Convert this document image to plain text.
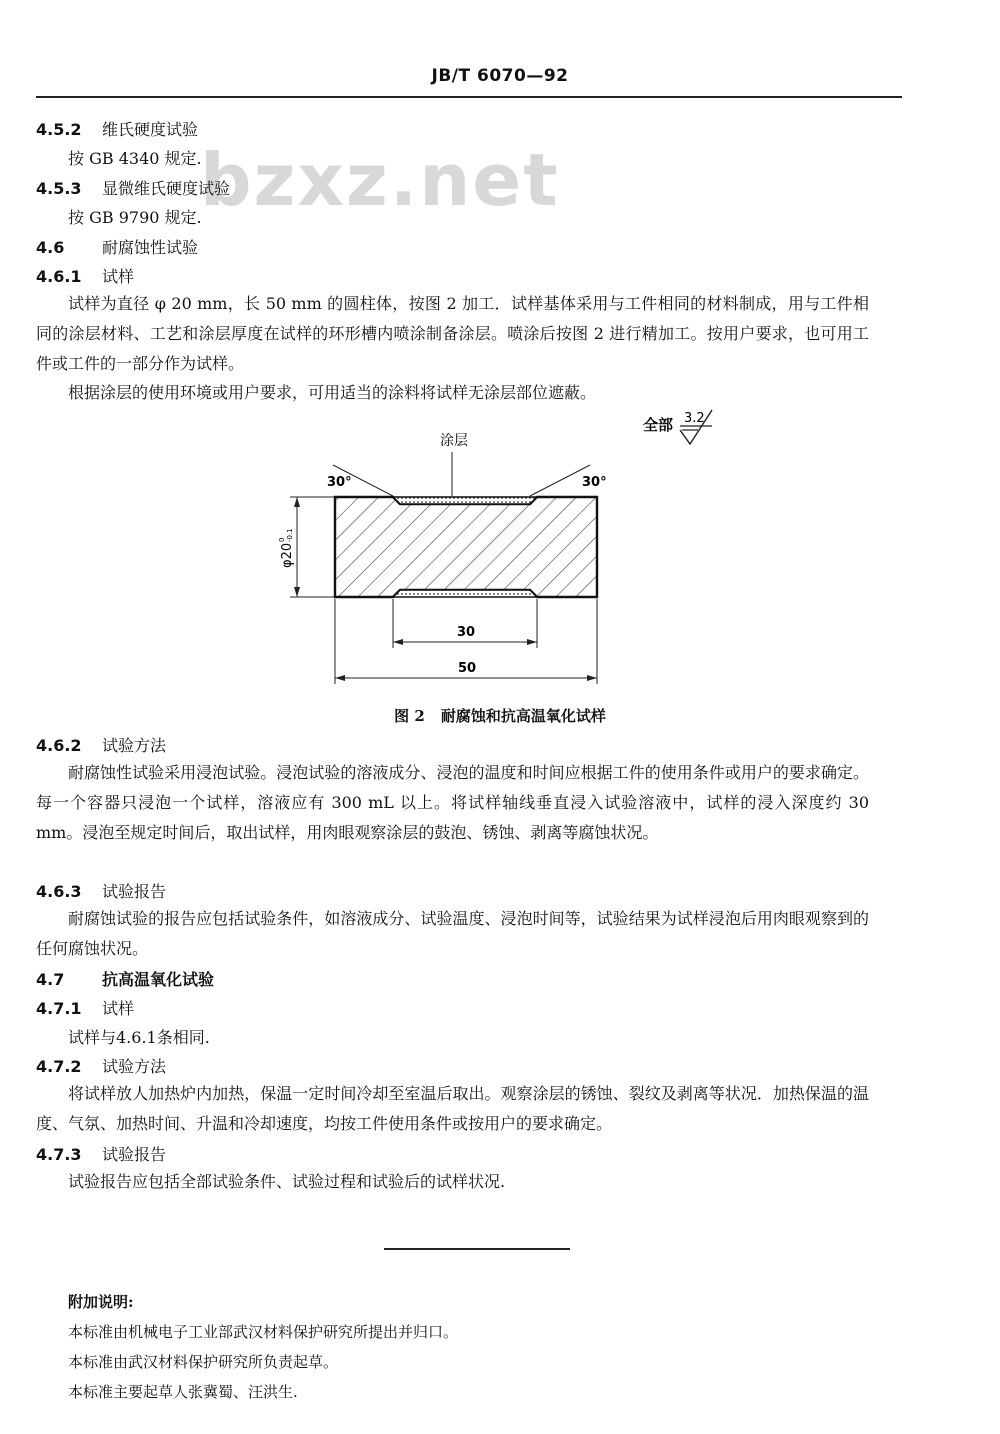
JB/T 6070—92
bzxz.net
4.5.2 维氏硬度试验
按 GB 4340 规定.
4.5.3 显微维氏硬度试验
按 GB 9790 规定.
4.6 耐腐蚀性试验
4.6.1 试样
试样为直径 φ 20 mm，长 50 mm 的圆柱体，按图 2 加工．试样基体采用与工件相同的材料制成，用与工件相同的涂层材料、工艺和涂层厚度在试样的环形槽内喷涂制备涂层。喷涂后按图 2 进行精加工。按用户要求，也可用工件或工件的一部分作为试样。
根据涂层的使用环境或用户要求，可用适当的涂料将试样无涂层部位遮蔽。
全部 3.2
涂层
30°	30°
φ20
0 -0.1
30
50
图 2 耐腐蚀和抗高温氧化试样
4.6.2 试验方法
耐腐蚀性试验采用浸泡试验。浸泡试验的溶液成分、浸泡的温度和时间应根据工件的使用条件或用户的要求确定。每一个容器只浸泡一个试样，溶液应有 300 mL 以上。将试样轴线垂直浸入试验溶液中，试样的浸入深度约 30 mm。浸泡至规定时间后，取出试样，用肉眼观察涂层的鼓泡、锈蚀、剥离等腐蚀状况。
4.6.3 试验报告
耐腐蚀试验的报告应包括试验条件，如溶液成分、试验温度、浸泡时间等，试验结果为试样浸泡后用肉眼观察到的任何腐蚀状况。
4.7 抗高温氧化试验
4.7.1 试样
试样与4.6.1条相同.
4.7.2 试验方法
将试样放人加热炉内加热，保温一定时间冷却至室温后取出。观察涂层的锈蚀、裂纹及剥离等状况．加热保温的温度、气氛、加热时间、升温和冷却速度，均按工件使用条件或按用户的要求确定。
4.7.3 试验报告
试验报告应包括全部试验条件、试验过程和试验后的试样状况.
附加说明:
本标准由机械电子工业部武汉材料保护研究所提出并归口。
本标准由武汉材料保护研究所负责起草。
本标准主要起草人张冀蜀、汪洪生.
